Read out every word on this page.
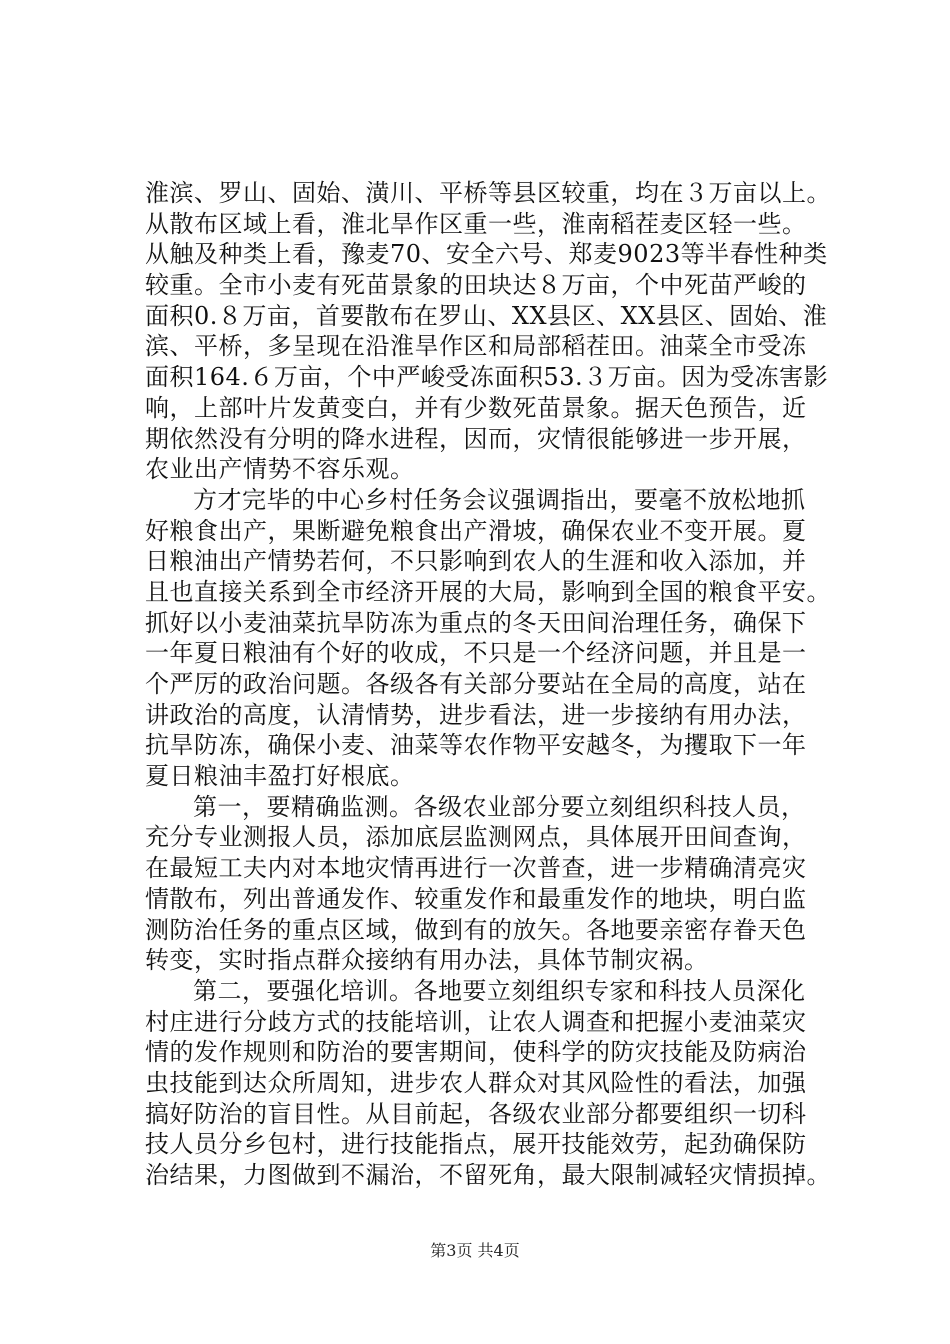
淮滨、罗山、固始、潢川、平桥等县区较重，均在３万亩以上。
从散布区域上看，淮北旱作区重一些，淮南稻茬麦区轻一些。
从触及种类上看，豫麦70、安全六号、郑麦9023等半春性种类
较重。全市小麦有死苗景象的田块达８万亩，个中死苗严峻的
面积0.８万亩，首要散布在罗山、XX县区、XX县区、固始、淮
滨、平桥，多呈现在沿淮旱作区和局部稻茬田。油菜全市受冻
面积164.６万亩，个中严峻受冻面积53.３万亩。因为受冻害影
响，上部叶片发黄变白，并有少数死苗景象。据天色预告，近
期依然没有分明的降水进程，因而，灾情很能够进一步开展，
农业出产情势不容乐观。
方才完毕的中心乡村任务会议强调指出，要毫不放松地抓
好粮食出产，果断避免粮食出产滑坡，确保农业不变开展。夏
日粮油出产情势若何，不只影响到农人的生涯和收入添加，并
且也直接关系到全市经济开展的大局，影响到全国的粮食平安。
抓好以小麦油菜抗旱防冻为重点的冬天田间治理任务，确保下
一年夏日粮油有个好的收成，不只是一个经济问题，并且是一
个严厉的政治问题。各级各有关部分要站在全局的高度，站在
讲政治的高度，认清情势，进步看法，进一步接纳有用办法，
抗旱防冻，确保小麦、油菜等农作物平安越冬，为攫取下一年
夏日粮油丰盈打好根底。
第一，要精确监测。各级农业部分要立刻组织科技人员，
充分专业测报人员，添加底层监测网点，具体展开田间查询，
在最短工夫内对本地灾情再进行一次普查，进一步精确清亮灾
情散布，列出普通发作、较重发作和最重发作的地块，明白监
测防治任务的重点区域，做到有的放矢。各地要亲密存眷天色
转变，实时指点群众接纳有用办法，具体节制灾祸。
第二，要强化培训。各地要立刻组织专家和科技人员深化
村庄进行分歧方式的技能培训，让农人调查和把握小麦油菜灾
情的发作规则和防治的要害期间，使科学的防灾技能及防病治
虫技能到达众所周知，进步农人群众对其风险性的看法，加强
搞好防治的盲目性。从目前起，各级农业部分都要组织一切科
技人员分乡包村，进行技能指点，展开技能效劳，起劲确保防
治结果，力图做到不漏治，不留死角，最大限制减轻灾情损掉。
第3页 共4页
